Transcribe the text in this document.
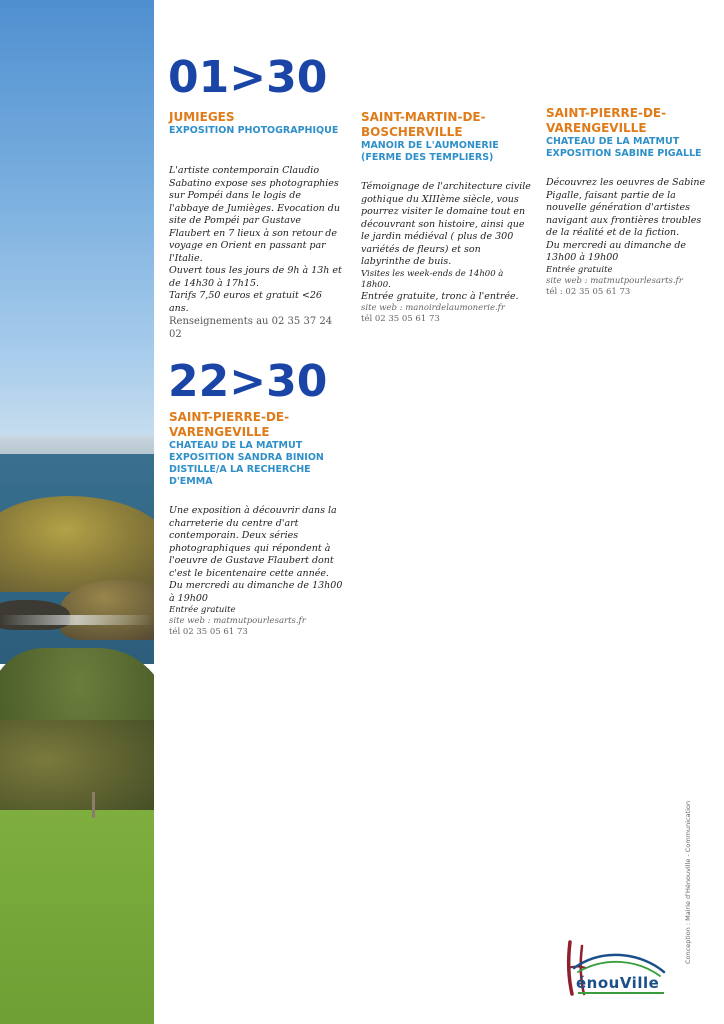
01>30

JUMIEGES

EXPOSITION PHOTOGRAPHIQUE

L'artiste contemporain Claudio Sabatino expose ses photographies sur Pompéi dans le logis de l'abbaye de Jumièges. Evocation du site de Pompéi par Gustave Flaubert en 7 lieux à son retour de voyage en Orient en passant par l'Italie.

Ouvert tous les jours de 9h à 13h et de 14h30 à 17h15.

Tarifs 7,50 euros et gratuit <26 ans.

Renseignements au 02 35 37 24 02

SAINT-MARTIN-DE-BOSCHERVILLE

MANOIR DE L'AUMONERIE (FERME DES TEMPLIERS)

Témoignage de l'architecture civile gothique du XIIIème siècle, vous pourrez visiter le domaine tout en découvrant son histoire, ainsi que le jardin médiéval ( plus de 300 variétés de fleurs) et son labyrinthe de buis.

Visites les week-ends de 14h00 à 18h00.

Entrée gratuite, tronc à l'entrée.

site web : manoirdelaumonerie.fr

tél 02 35 05 61 73

SAINT-PIERRE-DE-VARENGEVILLE

CHATEAU DE LA MATMUT EXPOSITION SABINE PIGALLE

Découvrez les oeuvres de Sabine Pigalle, faisant partie de la nouvelle génération d'artistes navigant aux frontières troubles de la réalité et de la fiction.

Du mercredi au dimanche de 13h00 à 19h00

Entrée gratuite

site web : matmutpourlesarts.fr

tél : 02 35 05 61 73

22>30

SAINT-PIERRE-DE-VARENGEVILLE

CHATEAU DE LA MATMUT EXPOSITION SANDRA BINION DISTILLE/A LA RECHERCHE D'EMMA

Une exposition à découvrir dans la charreterie du centre d'art contemporain. Deux séries photographiques qui répondent à l'oeuvre de Gustave Flaubert dont c'est le bicentenaire cette année.

Du mercredi au dimanche de 13h00 à 19h00

Entrée gratuite

site web : matmutpourlesarts.fr

tél 02 35 05 61 73

Conception : Mairie d'Hénouville - Communication
énouVille
